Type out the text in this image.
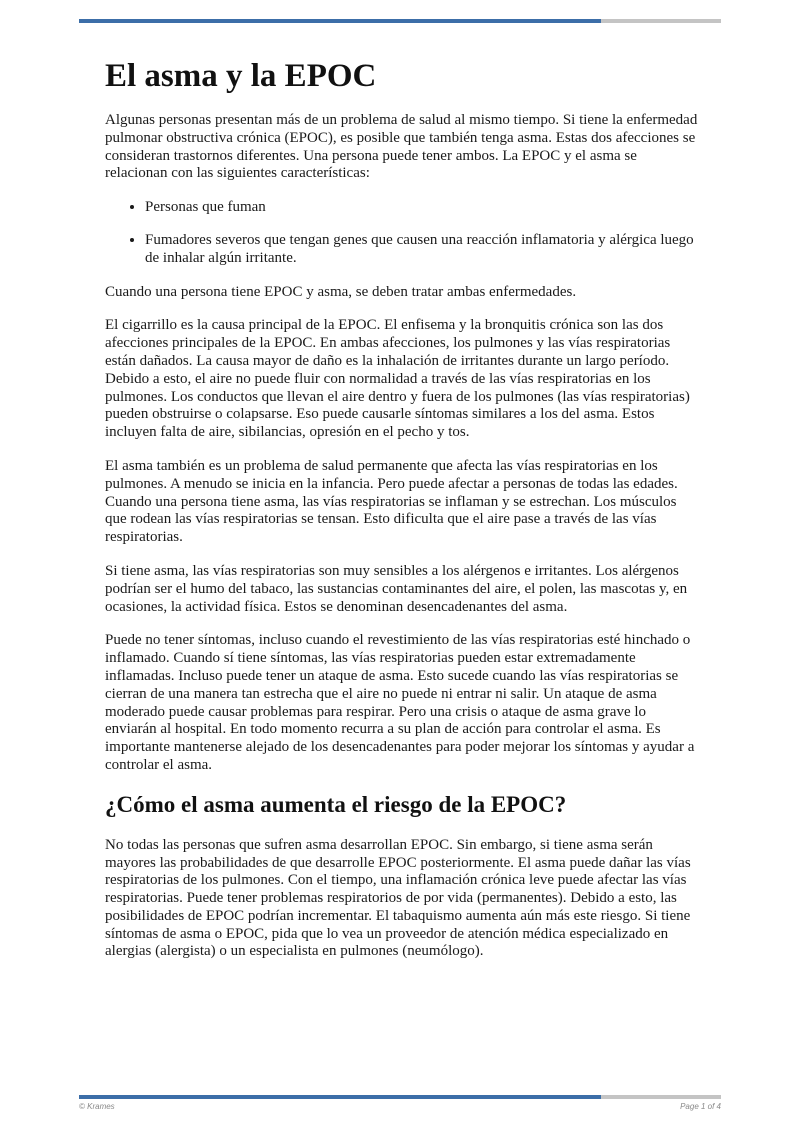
El asma y la EPOC

Algunas personas presentan más de un problema de salud al mismo tiempo. Si tiene la enfermedad pulmonar obstructiva crónica (EPOC), es posible que también tenga asma. Estas dos afecciones se consideran trastornos diferentes. Una persona puede tener ambos. La EPOC y el asma se relacionan con las siguientes características:

• Personas que fuman
• Fumadores severos que tengan genes que causen una reacción inflamatoria y alérgica luego de inhalar algún irritante.

Cuando una persona tiene EPOC y asma, se deben tratar ambas enfermedades.

El cigarrillo es la causa principal de la EPOC. El enfisema y la bronquitis crónica son las dos afecciones principales de la EPOC. En ambas afecciones, los pulmones y las vías respiratorias están dañados. La causa mayor de daño es la inhalación de irritantes durante un largo período. Debido a esto, el aire no puede fluir con normalidad a través de las vías respiratorias en los pulmones. Los conductos que llevan el aire dentro y fuera de los pulmones (las vías respiratorias) pueden obstruirse o colapsarse. Eso puede causarle síntomas similares a los del asma. Estos incluyen falta de aire, sibilancias, opresión en el pecho y tos.

El asma también es un problema de salud permanente que afecta las vías respiratorias en los pulmones. A menudo se inicia en la infancia. Pero puede afectar a personas de todas las edades. Cuando una persona tiene asma, las vías respiratorias se inflaman y se estrechan. Los músculos que rodean las vías respiratorias se tensan. Esto dificulta que el aire pase a través de las vías respiratorias.

Si tiene asma, las vías respiratorias son muy sensibles a los alérgenos e irritantes. Los alérgenos podrían ser el humo del tabaco, las sustancias contaminantes del aire, el polen, las mascotas y, en ocasiones, la actividad física. Estos se denominan desencadenantes del asma.

Puede no tener síntomas, incluso cuando el revestimiento de las vías respiratorias esté hinchado o inflamado. Cuando sí tiene síntomas, las vías respiratorias pueden estar extremadamente inflamadas. Incluso puede tener un ataque de asma. Esto sucede cuando las vías respiratorias se cierran de una manera tan estrecha que el aire no puede ni entrar ni salir. Un ataque de asma moderado puede causar problemas para respirar. Pero una crisis o ataque de asma grave lo enviarán al hospital. En todo momento recurra a su plan de acción para controlar el asma. Es importante mantenerse alejado de los desencadenantes para poder mejorar los síntomas y ayudar a controlar el asma.

¿Cómo el asma aumenta el riesgo de la EPOC?

No todas las personas que sufren asma desarrollan EPOC. Sin embargo, si tiene asma serán mayores las probabilidades de que desarrolle EPOC posteriormente. El asma puede dañar las vías respiratorias de los pulmones. Con el tiempo, una inflamación crónica leve puede afectar las vías respiratorias. Puede tener problemas respiratorios de por vida (permanentes). Debido a esto, las posibilidades de EPOC podrían incrementar. El tabaquismo aumenta aún más este riesgo. Si tiene síntomas de asma o EPOC, pida que lo vea un proveedor de atención médica especializado en alergias (alergista) o un especialista en pulmones (neumólogo).

© Krames	Page 1 of 4
